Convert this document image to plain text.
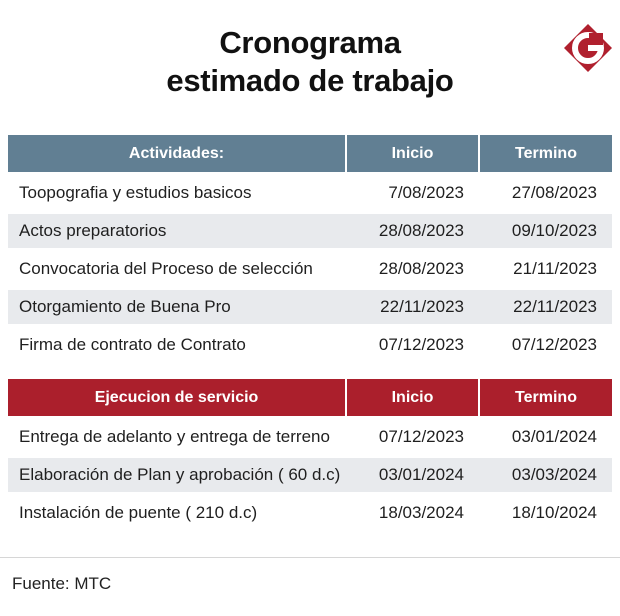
Cronograma
estimado de trabajo
Actividades:	Inicio	Termino
Toopografia y estudios basicos	7/08/2023	27/08/2023
Actos preparatorios	28/08/2023	09/10/2023
Convocatoria del Proceso de selección	28/08/2023	21/11/2023
Otorgamiento de Buena Pro	22/11/2023	22/11/2023
Firma de contrato de Contrato	07/12/2023	07/12/2023
Ejecucion de servicio	Inicio	Termino
Entrega de adelanto y entrega de terreno	07/12/2023	03/01/2024
Elaboración de Plan y aprobación ( 60 d.c)	03/01/2024	03/03/2024
Instalación de puente ( 210 d.c)	18/03/2024	18/10/2024
Fuente: MTC
